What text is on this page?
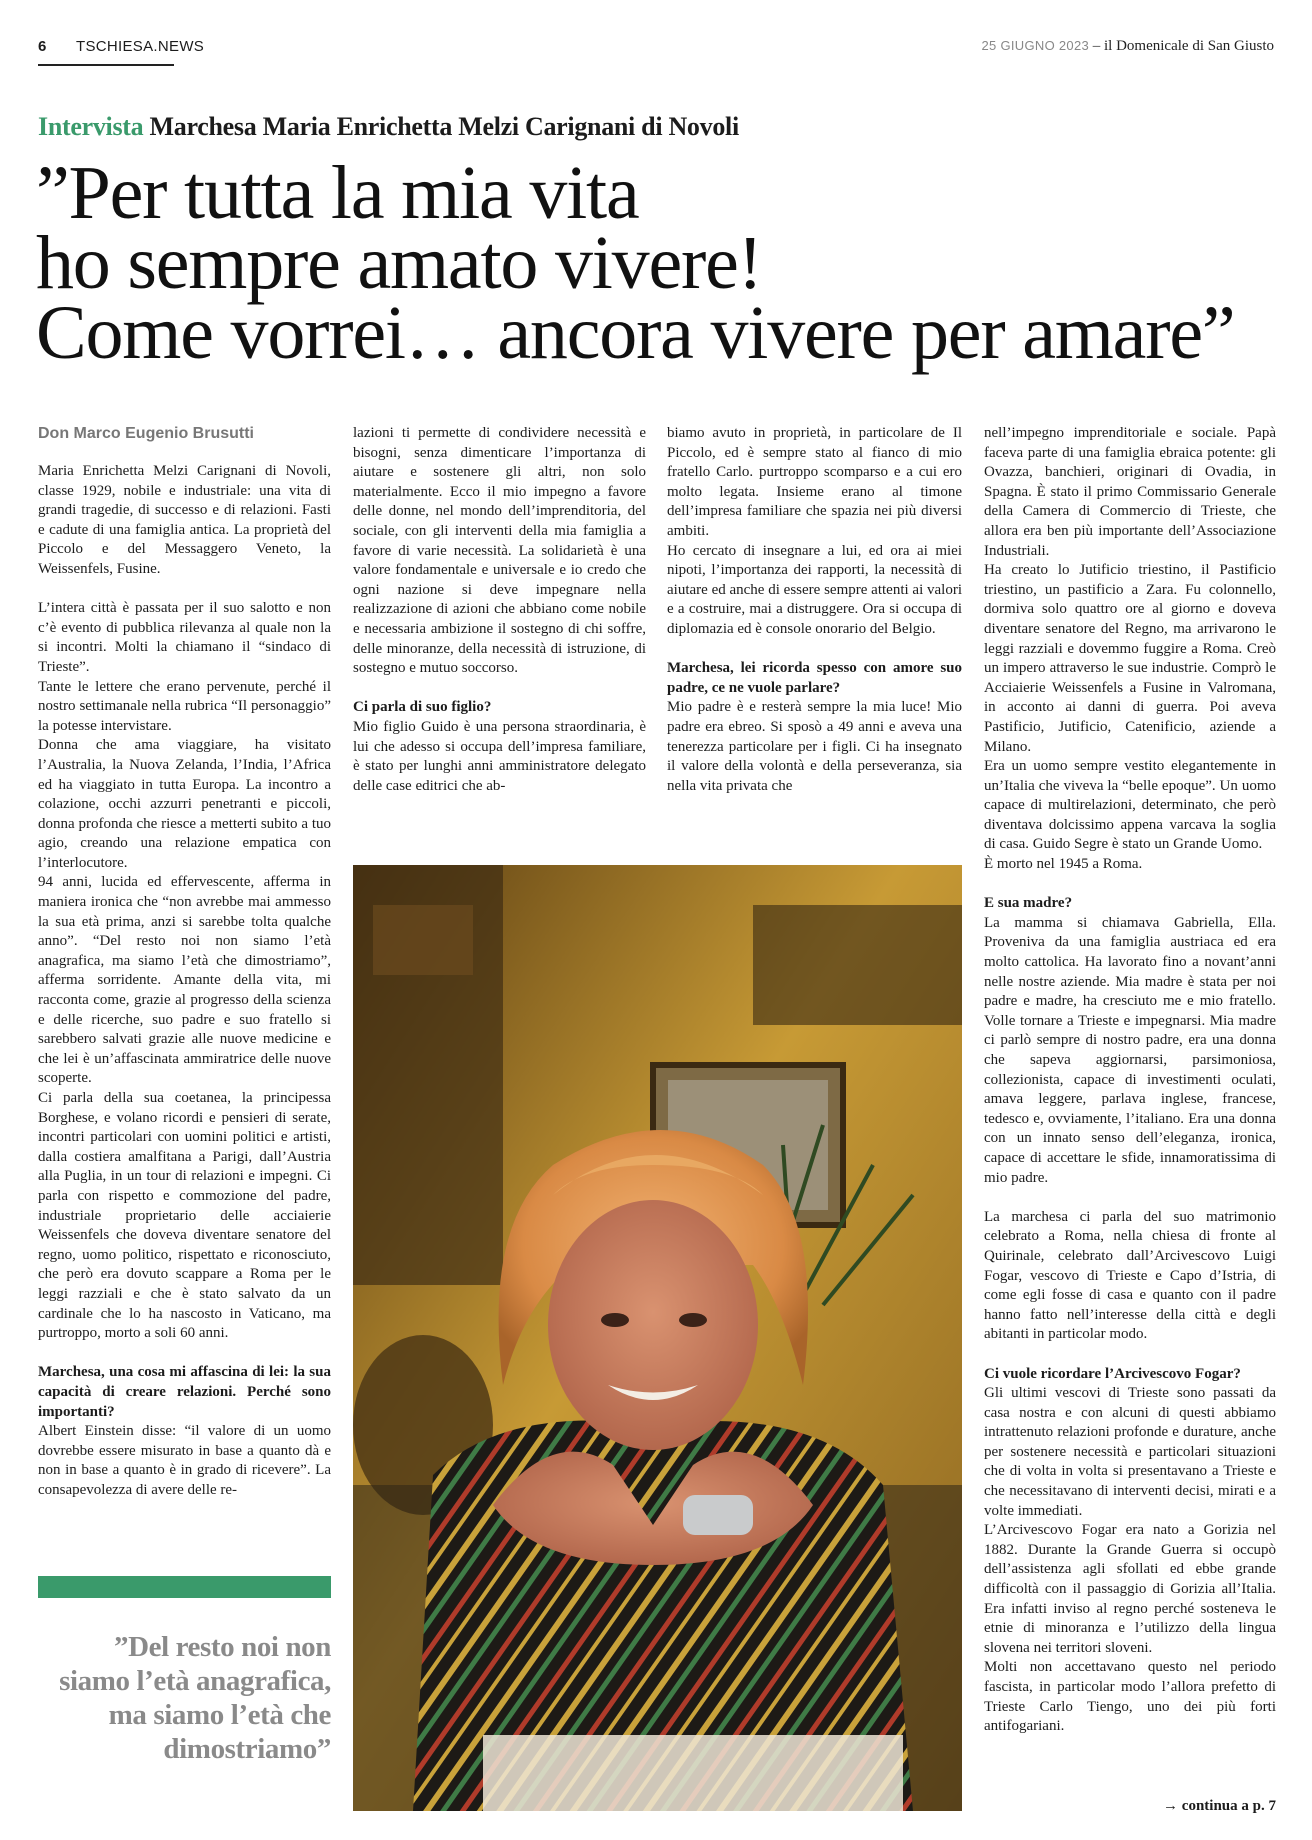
6 TSCHIESA.NEWS	25 GIUGNO 2023 – il Domenicale di San Giusto
Intervista Marchesa Maria Enrichetta Melzi Carignani di Novoli
”Per tutta la mia vita
ho sempre amato vivere!
Come vorrei… ancora vivere per amare”
Don Marco Eugenio Brusutti

Maria Enrichetta Melzi Carignani di Novoli, classe 1929, nobile e industriale: una vita di grandi tragedie, di successo e di relazioni. Fasti e cadute di una famiglia antica. La proprietà del Piccolo e del Messaggero Veneto, la Weissenfels, Fusine.

L’intera città è passata per il suo salotto e non c’è evento di pubblica rilevanza al quale non la si incontri. Molti la chiamano il “sindaco di Trieste”.

Tante le lettere che erano pervenute, perché il nostro settimanale nella rubrica “Il personaggio” la potesse intervistare.

Donna che ama viaggiare, ha visitato l’Australia, la Nuova Zelanda, l’India, l’Africa ed ha viaggiato in tutta Europa. La incontro a colazione, occhi azzurri penetranti e piccoli, donna profonda che riesce a metterti subito a tuo agio, creando una relazione empatica con l’interlocutore.

94 anni, lucida ed effervescente, afferma in maniera ironica che “non avrebbe mai ammesso la sua età prima, anzi si sarebbe tolta qualche anno”. “Del resto noi non siamo l’età anagrafica, ma siamo l’età che dimostriamo”, afferma sorridente. Amante della vita, mi racconta come, grazie al progresso della scienza e delle ricerche, suo padre e suo fratello si sarebbero salvati grazie alle nuove medicine e che lei è un’affascinata ammiratrice delle nuove scoperte.

Ci parla della sua coetanea, la principessa Borghese, e volano ricordi e pensieri di serate, incontri particolari con uomini politici e artisti, dalla costiera amalfitana a Parigi, dall’Austria alla Puglia, in un tour di relazioni e impegni. Ci parla con rispetto e commozione del padre, industriale proprietario delle acciaierie Weissenfels che doveva diventare senatore del regno, uomo politico, rispettato e riconosciuto, che però era dovuto scappare a Roma per le leggi razziali e che è stato salvato da un cardinale che lo ha nascosto in Vaticano, ma purtroppo, morto a soli 60 anni.

Marchesa, una cosa mi affascina di lei: la sua capacità di creare relazioni. Perché sono importanti?

Albert Einstein disse: “il valore di un uomo dovrebbe essere misurato in base a quanto dà e non in base a quanto è in grado di ricevere”. La consapevolezza di avere delle re-

lazioni ti permette di condividere necessità e bisogni, senza dimenticare l’importanza di aiutare e sostenere gli altri, non solo materialmente. Ecco il mio impegno a favore delle donne, nel mondo dell’imprenditoria, del sociale, con gli interventi della mia famiglia a favore di varie necessità. La solidarietà è una valore fondamentale e universale e io credo che ogni nazione si deve impegnare nella realizzazione di azioni che abbiano come nobile e necessaria ambizione il sostegno di chi soffre, delle minoranze, della necessità di istruzione, di sostegno e mutuo soccorso.

Ci parla di suo figlio?

Mio figlio Guido è una persona straordinaria, è lui che adesso si occupa dell’impresa familiare, è stato per lunghi anni amministratore delegato delle case editrici che ab-

biamo avuto in proprietà, in particolare de Il Piccolo, ed è sempre stato al fianco di mio fratello Carlo. purtroppo scomparso e a cui ero molto legata. Insieme erano al timone dell’impresa familiare che spazia nei più diversi ambiti.

Ho cercato di insegnare a lui, ed ora ai miei nipoti, l’importanza dei rapporti, la necessità di aiutare ed anche di essere sempre attenti ai valori e a costruire, mai a distruggere. Ora si occupa di diplomazia ed è console onorario del Belgio.

Marchesa, lei ricorda spesso con amore suo padre, ce ne vuole parlare?

Mio padre è e resterà sempre la mia luce! Mio padre era ebreo. Si sposò a 49 anni e aveva una tenerezza particolare per i figli. Ci ha insegnato il valore della volontà e della perseveranza, sia nella vita privata che

nell’impegno imprenditoriale e sociale. Papà faceva parte di una famiglia ebraica potente: gli Ovazza, banchieri, originari di Ovadia, in Spagna. È stato il primo Commissario Generale della Camera di Commercio di Trieste, che allora era ben più importante dell’Associazione Industriali.

Ha creato lo Jutificio triestino, il Pastificio triestino, un pastificio a Zara. Fu colonnello, dormiva solo quattro ore al giorno e doveva diventare senatore del Regno, ma arrivarono le leggi razziali e dovemmo fuggire a Roma. Creò un impero attraverso le sue industrie. Comprò le Acciaierie Weissenfels a Fusine in Valromana, in acconto ai danni di guerra. Poi aveva Pastificio, Jutificio, Catenificio, aziende a Milano.

Era un uomo sempre vestito elegantemente in un’Italia che viveva la “belle epoque”. Un uomo capace di multirelazioni, determinato, che però diventava dolcissimo appena varcava la soglia di casa. Guido Segre è stato un Grande Uomo.

È morto nel 1945 a Roma.

E sua madre?

La mamma si chiamava Gabriella, Ella. Proveniva da una famiglia austriaca ed era molto cattolica. Ha lavorato fino a novant’anni nelle nostre aziende. Mia madre è stata per noi padre e madre, ha cresciuto me e mio fratello. Volle tornare a Trieste e impegnarsi. Mia madre ci parlò sempre di nostro padre, era una donna che sapeva aggiornarsi, parsimoniosa, collezionista, capace di investimenti oculati, amava leggere, parlava inglese, francese, tedesco e, ovviamente, l’italiano. Era una donna con un innato senso dell’eleganza, ironica, capace di accettare le sfide, innamoratissima di mio padre.

La marchesa ci parla del suo matrimonio celebrato a Roma, nella chiesa di fronte al Quirinale, celebrato dall’Arcivescovo Luigi Fogar, vescovo di Trieste e Capo d’Istria, di come egli fosse di casa e quanto con il padre hanno fatto nell’interesse della città e degli abitanti in particolar modo.

Ci vuole ricordare l’Arcivescovo Fogar?

Gli ultimi vescovi di Trieste sono passati da casa nostra e con alcuni di questi abbiamo intrattenuto relazioni profonde e durature, anche per sostenere necessità e particolari situazioni che di volta in volta si presentavano a Trieste e che necessitavano di interventi decisi, mirati e a volte immediati.

L’Arcivescovo Fogar era nato a Gorizia nel 1882. Durante la Grande Guerra si occupò dell’assistenza agli sfollati ed ebbe grande difficoltà con il passaggio di Gorizia all’Italia. Era infatti inviso al regno perché sosteneva le etnie di minoranza e l’utilizzo della lingua slovena nei territori sloveni.

Molti non accettavano questo nel periodo fascista, in particolar modo l’allora prefetto di Trieste Carlo Tiengo, uno dei più forti antifogariani.

”Del resto noi non siamo l’età anagrafica, ma siamo l’età che dimostriamo”
→ continua a p. 7
